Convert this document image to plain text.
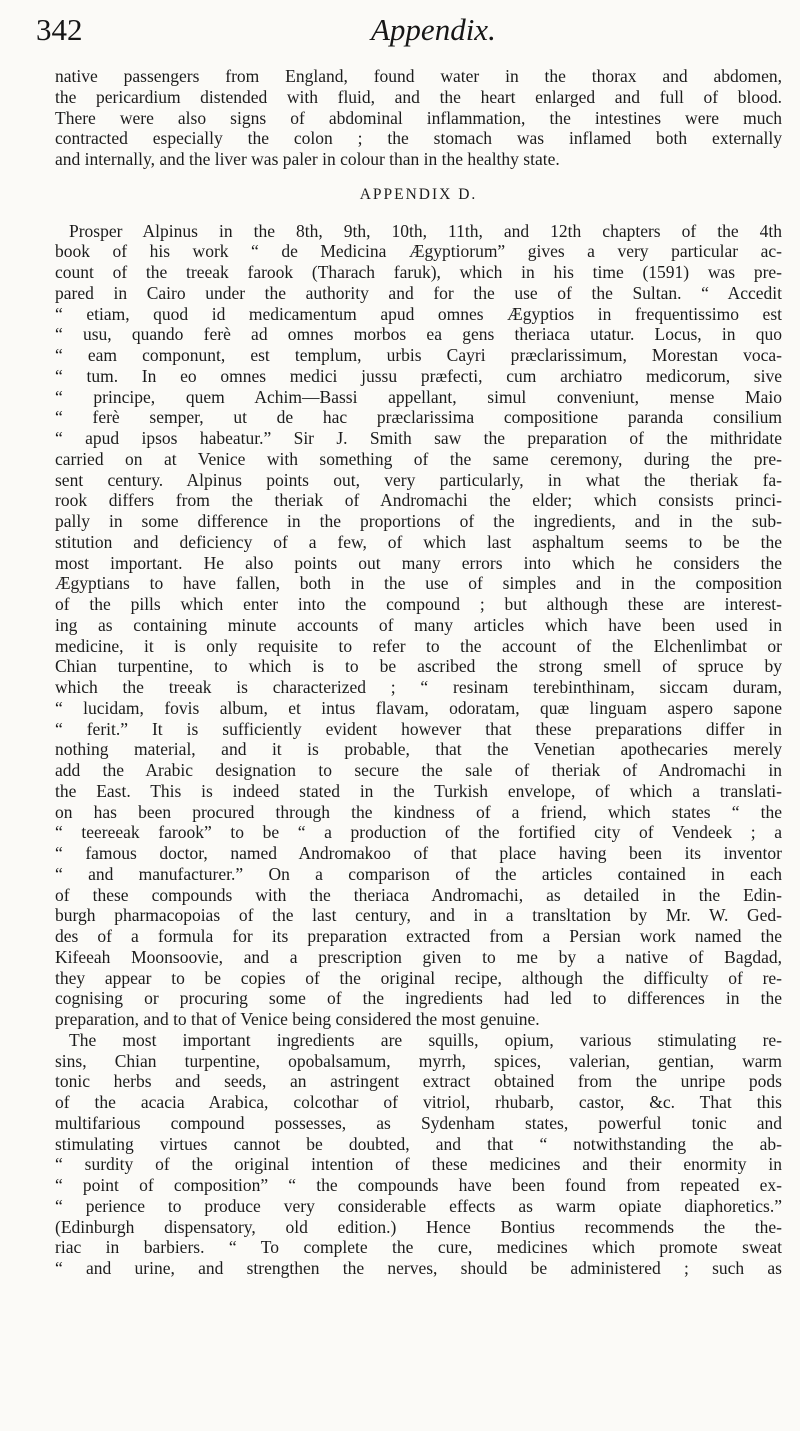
342	Appendix.
native passengers from England, found water in the thorax and abdomen,
the pericardium distended with fluid, and the heart enlarged and full of blood.
There were also signs of abdominal inflammation, the intestines were much
contracted especially the colon ; the stomach was inflamed both externally
and internally, and the liver was paler in colour than in the healthy state.
APPENDIX D.
Prosper Alpinus in the 8th, 9th, 10th, 11th, and 12th chapters of the 4th
book of his work “ de Medicina Ægyptiorum” gives a very particular ac-
count of the treeak farook (Tharach faruk), which in his time (1591) was pre-
pared in Cairo under the authority and for the use of the Sultan. “ Accedit
“ etiam, quod id medicamentum apud omnes Ægyptios in frequentissimo est
“ usu, quando ferè ad omnes morbos ea gens theriaca utatur. Locus, in quo
“ eam componunt, est templum, urbis Cayri præclarissimum, Morestan voca-
“ tum. In eo omnes medici jussu præfecti, cum archiatro medicorum, sive
“ principe, quem Achim—Bassi appellant, simul conveniunt, mense Maio
“ ferè semper, ut de hac præclarissima compositione paranda consilium
“ apud ipsos habeatur.” Sir J. Smith saw the preparation of the mithridate
carried on at Venice with something of the same ceremony, during the pre-
sent century. Alpinus points out, very particularly, in what the theriak fa-
rook differs from the theriak of Andromachi the elder; which consists princi-
pally in some difference in the proportions of the ingredients, and in the sub-
stitution and deficiency of a few, of which last asphaltum seems to be the
most important. He also points out many errors into which he considers the
Ægyptians to have fallen, both in the use of simples and in the composition
of the pills which enter into the compound ; but although these are interest-
ing as containing minute accounts of many articles which have been used in
medicine, it is only requisite to refer to the account of the Elchenlimbat or
Chian turpentine, to which is to be ascribed the strong smell of spruce by
which the treeak is characterized ; “ resinam terebinthinam, siccam duram,
“ lucidam, fovis album, et intus flavam, odoratam, quæ linguam aspero sapone
“ ferit.” It is sufficiently evident however that these preparations differ in
nothing material, and it is probable, that the Venetian apothecaries merely
add the Arabic designation to secure the sale of theriak of Andromachi in
the East. This is indeed stated in the Turkish envelope, of which a translati-
on has been procured through the kindness of a friend, which states “ the
“ teereeak farook” to be “ a production of the fortified city of Vendeek ; a
“ famous doctor, named Andromakoo of that place having been its inventor
“ and manufacturer.” On a comparison of the articles contained in each
of these compounds with the theriaca Andromachi, as detailed in the Edin-
burgh pharmacopoias of the last century, and in a transltation by Mr. W. Ged-
des of a formula for its preparation extracted from a Persian work named the
Kifeeah Moonsoovie, and a prescription given to me by a native of Bagdad,
they appear to be copies of the original recipe, although the difficulty of re-
cognising or procuring some of the ingredients had led to differences in the
preparation, and to that of Venice being considered the most genuine.
The most important ingredients are squills, opium, various stimulating re-
sins, Chian turpentine, opobalsamum, myrrh, spices, valerian, gentian, warm
tonic herbs and seeds, an astringent extract obtained from the unripe pods
of the acacia Arabica, colcothar of vitriol, rhubarb, castor, &c. That this
multifarious compound possesses, as Sydenham states, powerful tonic and
stimulating virtues cannot be doubted, and that “ notwithstanding the ab-
“ surdity of the original intention of these medicines and their enormity in
“ point of composition” “ the compounds have been found from repeated ex-
“ perience to produce very considerable effects as warm opiate diaphoretics.”
(Edinburgh dispensatory, old edition.) Hence Bontius recommends the the-
riac in barbiers. “ To complete the cure, medicines which promote sweat
“ and urine, and strengthen the nerves, should be administered ; such as
